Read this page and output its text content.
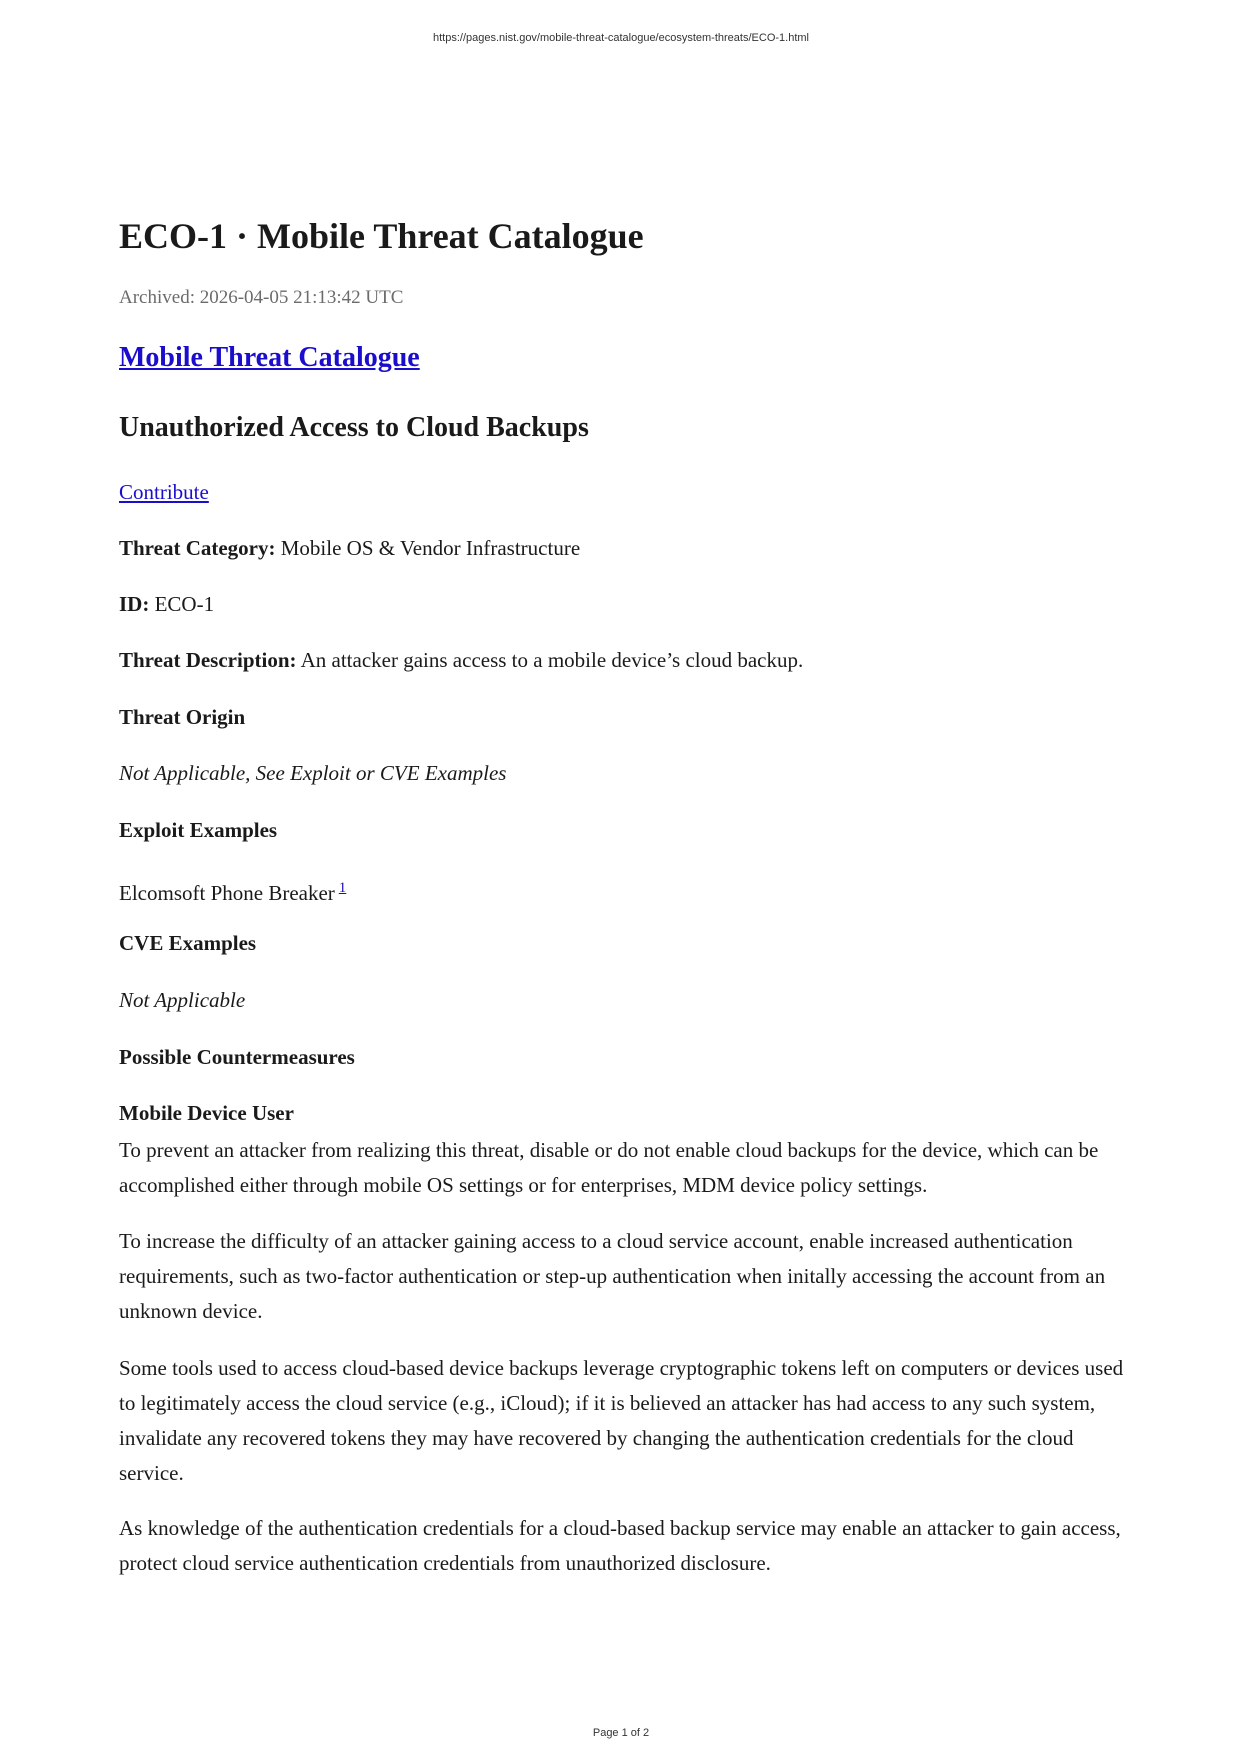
https://pages.nist.gov/mobile-threat-catalogue/ecosystem-threats/ECO-1.html
ECO-1 · Mobile Threat Catalogue
Archived: 2026-04-05 21:13:42 UTC
Mobile Threat Catalogue
Unauthorized Access to Cloud Backups
Contribute
Threat Category: Mobile OS & Vendor Infrastructure
ID: ECO-1
Threat Description: An attacker gains access to a mobile device’s cloud backup.
Threat Origin
Not Applicable, See Exploit or CVE Examples
Exploit Examples
Elcomsoft Phone Breaker $^1$
CVE Examples
Not Applicable
Possible Countermeasures
Mobile Device User

To prevent an attacker from realizing this threat, disable or do not enable cloud backups for the device, which can be accomplished either through mobile OS settings or for enterprises, MDM device policy settings.

To increase the difficulty of an attacker gaining access to a cloud service account, enable increased authentication requirements, such as two-factor authentication or step-up authentication when initally accessing the account from an unknown device.

Some tools used to access cloud-based device backups leverage cryptographic tokens left on computers or devices used to legitimately access the cloud service (e.g., iCloud); if it is believed an attacker has had access to any such system, invalidate any recovered tokens they may have recovered by changing the authentication credentials for the cloud service.

As knowledge of the authentication credentials for a cloud-based backup service may enable an attacker to gain access, protect cloud service authentication credentials from unauthorized disclosure.

Page 1 of 2
